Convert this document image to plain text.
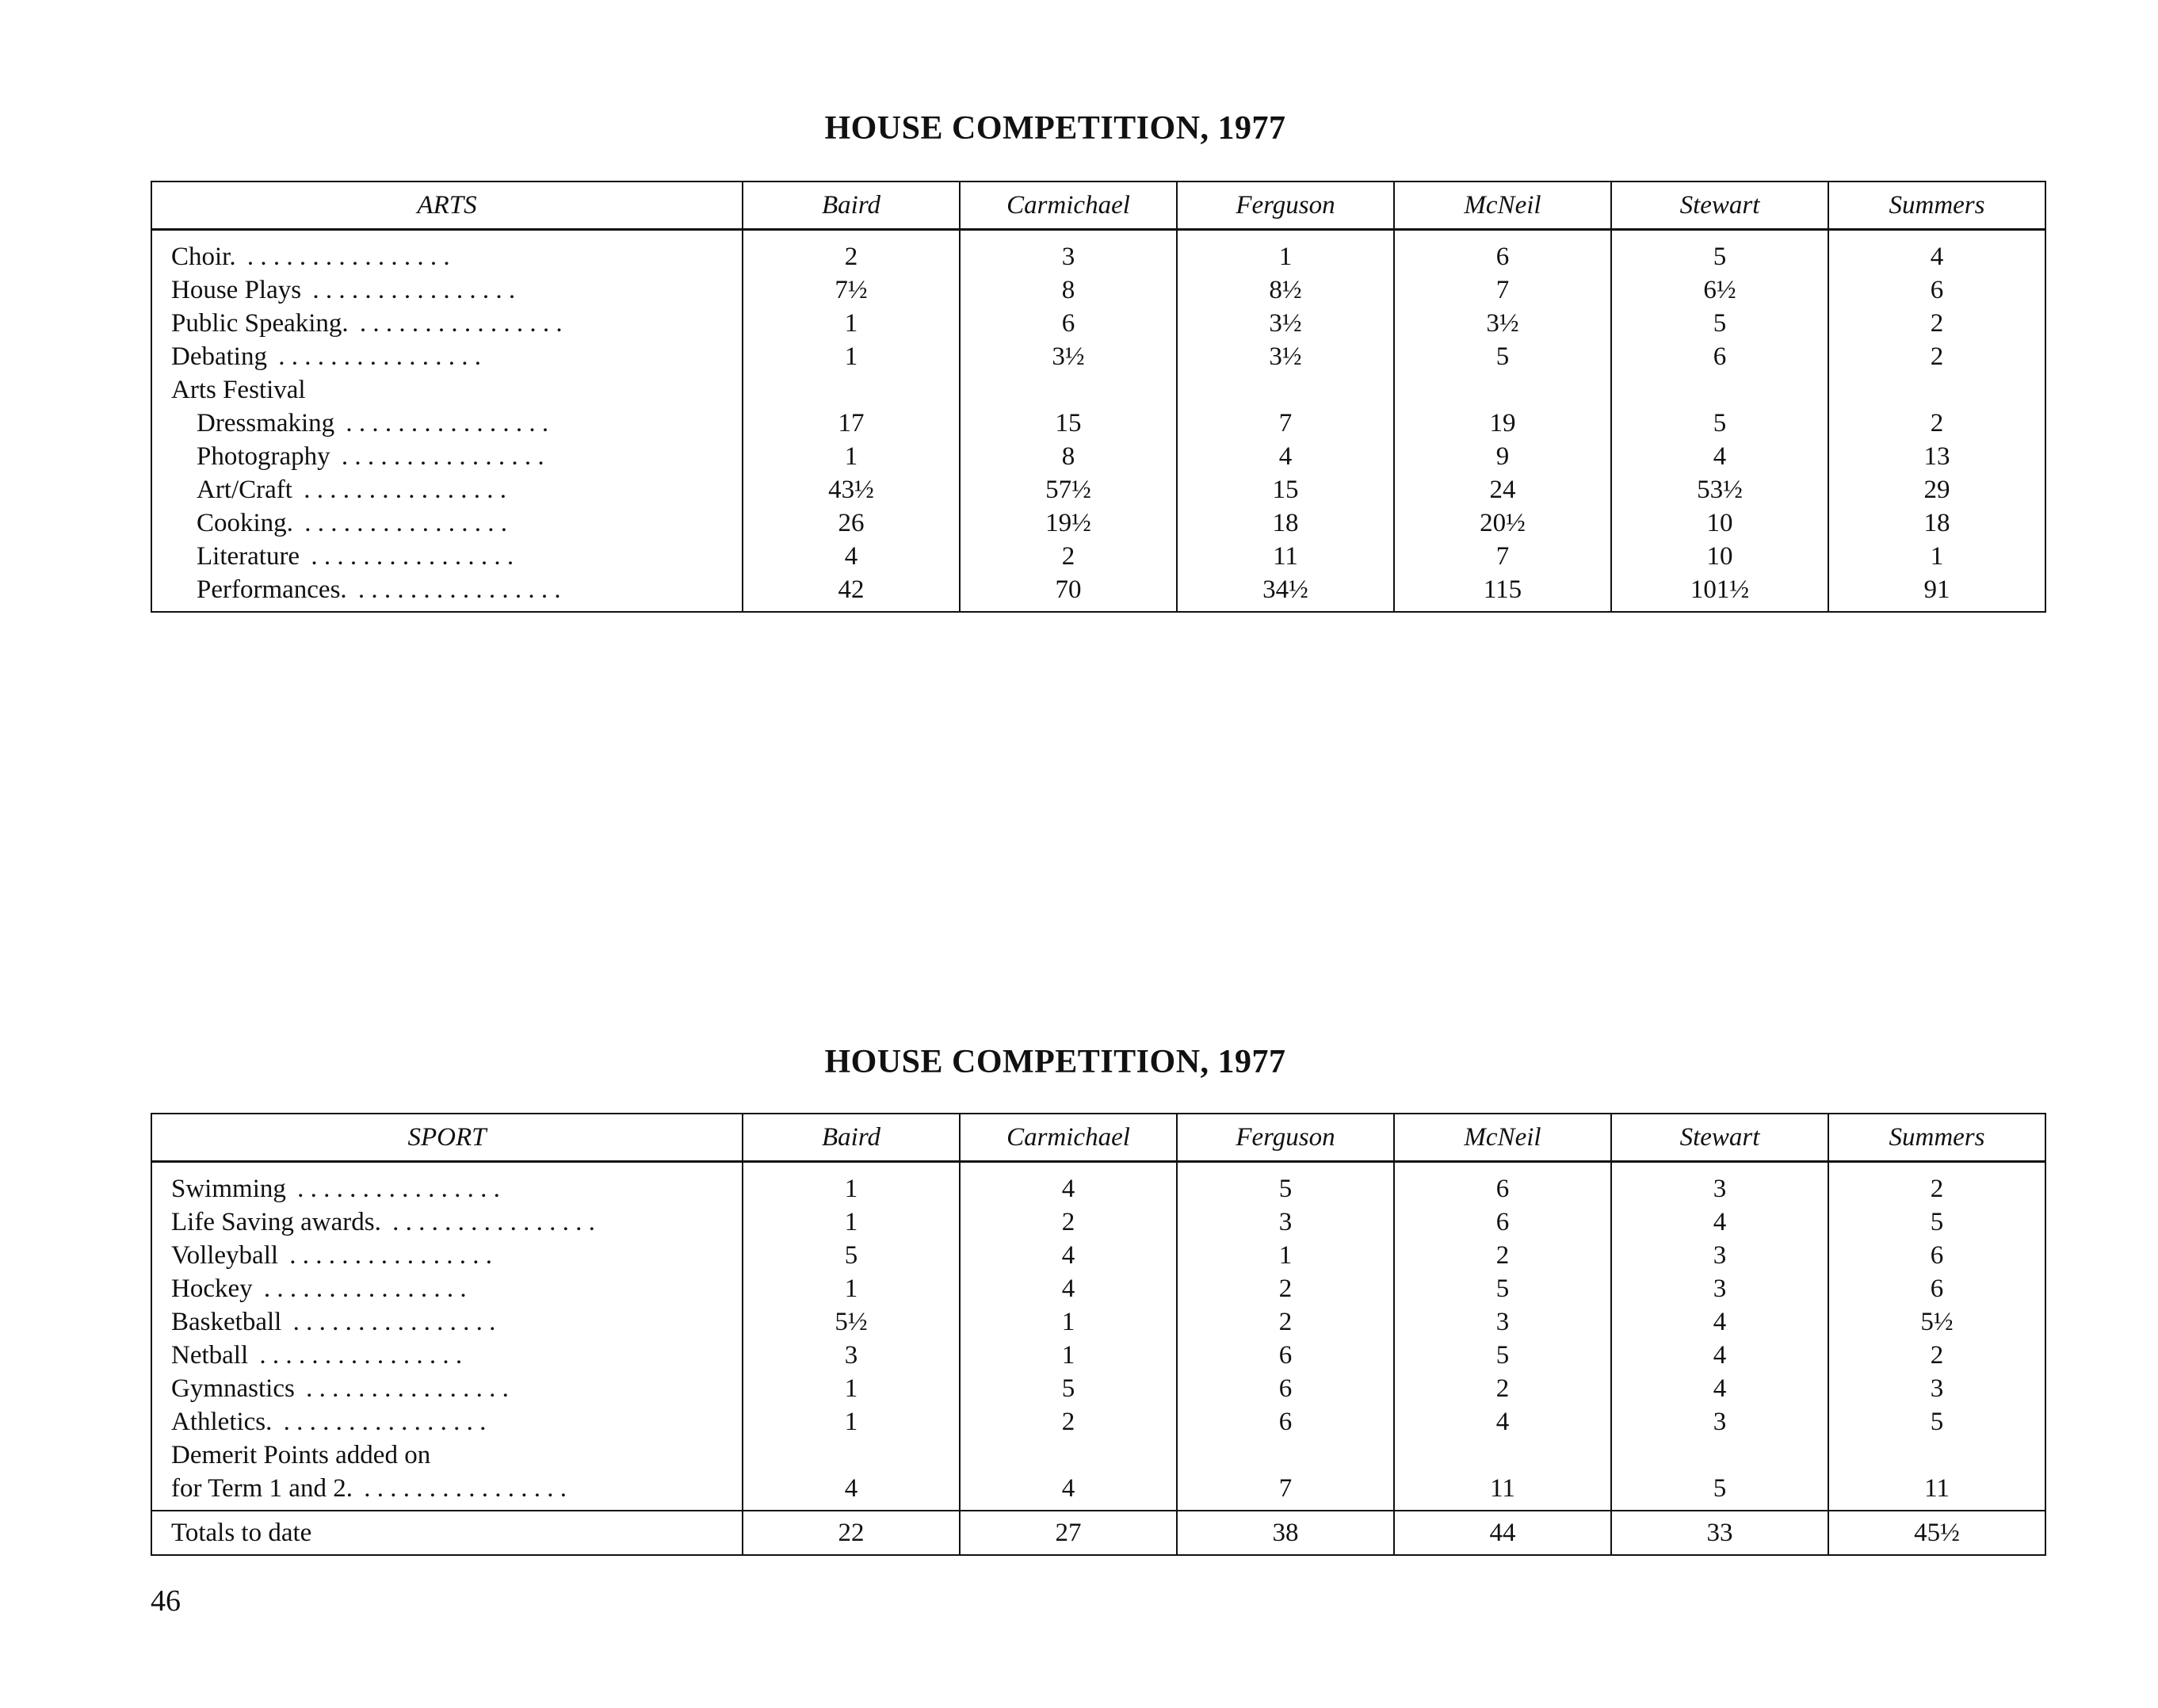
HOUSE COMPETITION, 1977
ARTS	Baird	Carmichael	Ferguson	McNeil	Stewart	Summers
Choir. . . . . . . . . . . . . . . . .	2	3	1	6	5	4
House Plays . . . . . . . . . . . . . . . .	7½	8	8½	7	6½	6
Public Speaking. . . . . . . . . . . . . . . . .	1	6	3½	3½	5	2
Debating . . . . . . . . . . . . . . . .	1	3½	3½	5	6	2
Arts Festival						
Dressmaking . . . . . . . . . . . . . . . .	17	15	7	19	5	2
Photography . . . . . . . . . . . . . . . .	1	8	4	9	4	13
Art/Craft . . . . . . . . . . . . . . . .	43½	57½	15	24	53½	29
Cooking. . . . . . . . . . . . . . . . .	26	19½	18	20½	10	18
Literature . . . . . . . . . . . . . . . .	4	2	11	7	10	1
Performances. . . . . . . . . . . . . . . . .	42	70	34½	115	101½	91
HOUSE COMPETITION, 1977
SPORT	Baird	Carmichael	Ferguson	McNeil	Stewart	Summers
Swimming . . . . . . . . . . . . . . . .	1	4	5	6	3	2
Life Saving awards. . . . . . . . . . . . . . . . .	1	2	3	6	4	5
Volleyball . . . . . . . . . . . . . . . .	5	4	1	2	3	6
Hockey . . . . . . . . . . . . . . . .	1	4	2	5	3	6
Basketball . . . . . . . . . . . . . . . .	5½	1	2	3	4	5½
Netball . . . . . . . . . . . . . . . .	3	1	6	5	4	2
Gymnastics . . . . . . . . . . . . . . . .	1	5	6	2	4	3
Athletics. . . . . . . . . . . . . . . . .	1	2	6	4	3	5
Demerit Points added on						
for Term 1 and 2. . . . . . . . . . . . . . . . .	4	4	7	11	5	11
Totals to date	22	27	38	44	33	45½
46
